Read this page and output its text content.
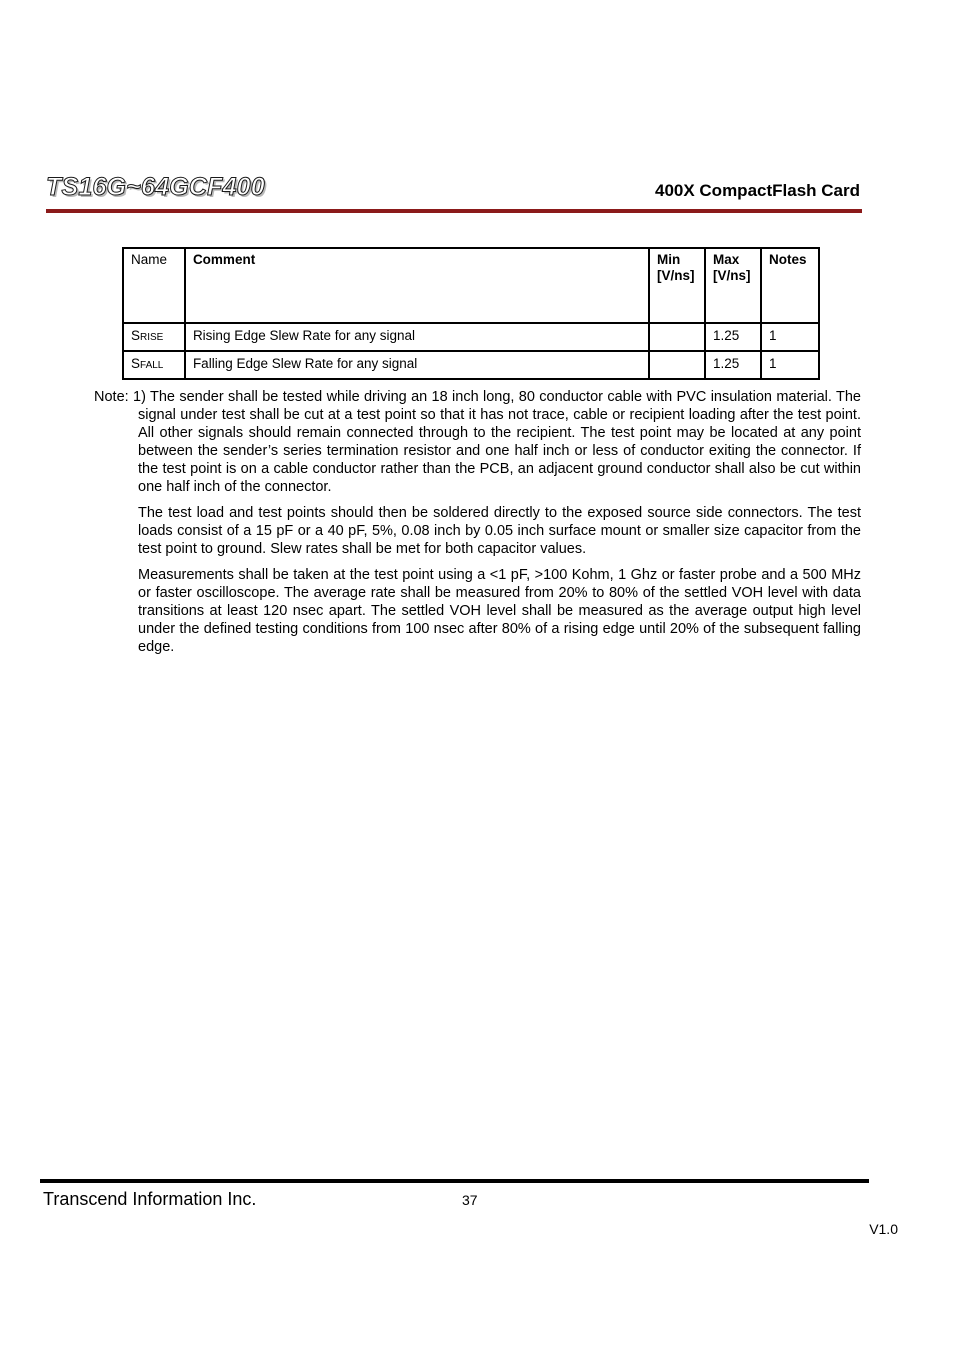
TS16G~64GCF400	400X CompactFlash Card
Name	Comment	Min [V/ns]	Max [V/ns]	Notes
SRISE	Rising Edge Slew Rate for any signal		1.25	1
SFALL	Falling Edge Slew Rate for any signal		1.25	1

Note: 1) The sender shall be tested while driving an 18 inch long, 80 conductor cable with PVC insulation material. The signal under test shall be cut at a test point so that it has not trace, cable or recipient loading after the test point. All other signals should remain connected through to the recipient. The test point may be located at any point between the sender’s series termination resistor and one half inch or less of conductor exiting the connector. If the test point is on a cable conductor rather than the PCB, an adjacent ground conductor shall also be cut within one half inch of the connector.

The test load and test points should then be soldered directly to the exposed source side connectors. The test loads consist of a 15 pF or a 40 pF, 5%, 0.08 inch by 0.05 inch surface mount or smaller size capacitor from the test point to ground. Slew rates shall be met for both capacitor values.

Measurements shall be taken at the test point using a <1 pF, >100 Kohm, 1 Ghz or faster probe and a 500 MHz or faster oscilloscope. The average rate shall be measured from 20% to 80% of the settled VOH level with data transitions at least 120 nsec apart. The settled VOH level shall be measured as the average output high level under the defined testing conditions from 100 nsec after 80% of a rising edge until 20% of the subsequent falling edge.

Transcend Information Inc.	37
V1.0
